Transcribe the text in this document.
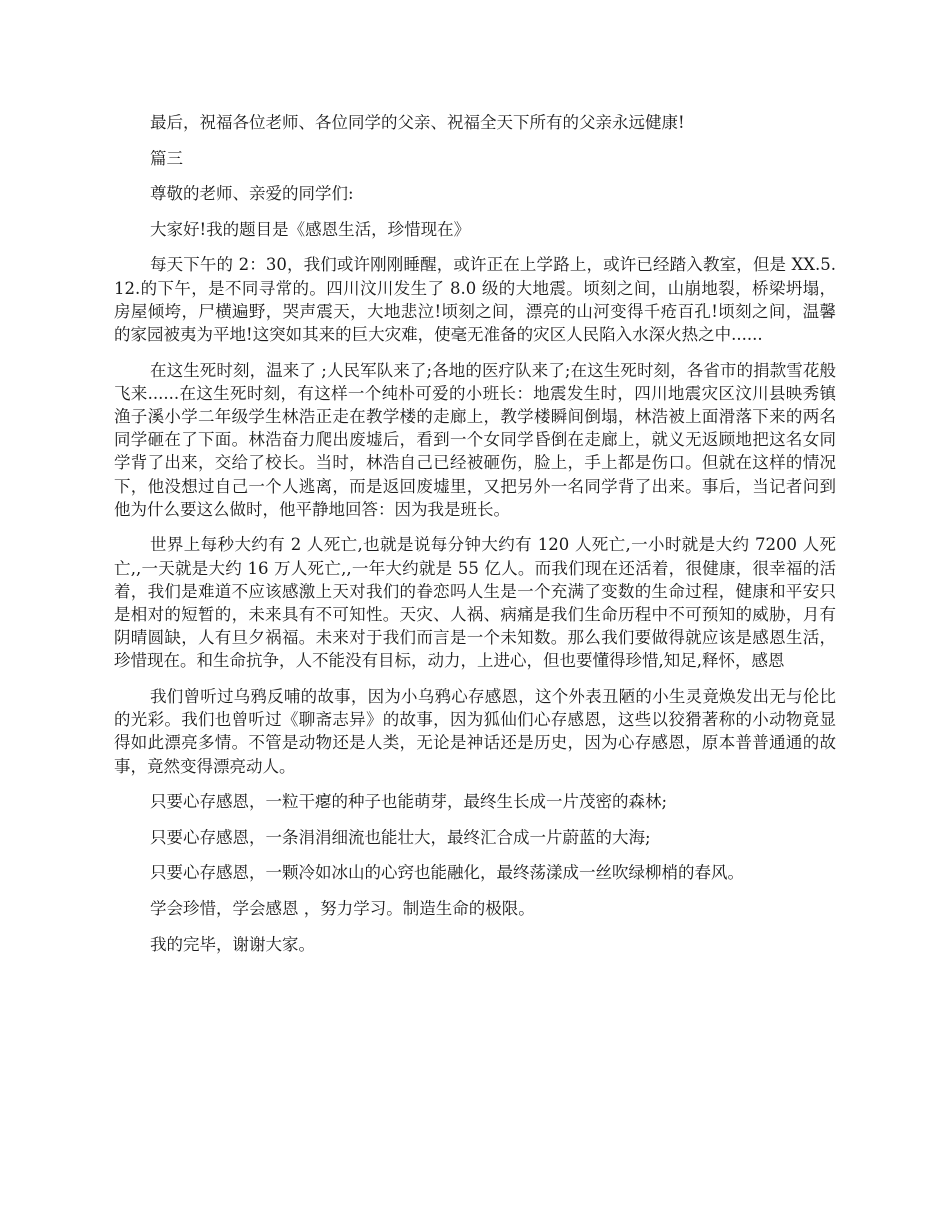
最后，祝福各位老师、各位同学的父亲、祝福全天下所有的父亲永远健康!

篇三

尊敬的老师、亲爱的同学们:

大家好!我的题目是《感恩生活，珍惜现在》

每天下午的 2：30，我们或许刚刚睡醒，或许正在上学路上，或许已经踏入教室，但是 XX.5.12.的下午，是不同寻常的。四川汶川发生了 8.0 级的大地震。顷刻之间，山崩地裂，桥梁坍塌，房屋倾垮，尸横遍野，哭声震天，大地悲泣!顷刻之间，漂亮的山河变得千疮百孔!顷刻之间，温馨的家园被夷为平地!这突如其来的巨大灾难，使毫无准备的灾区人民陷入水深火热之中......

在这生死时刻，温来了 ;人民军队来了;各地的医疗队来了;在这生死时刻，各省市的捐款雪花般飞来......在这生死时刻，有这样一个纯朴可爱的小班长：地震发生时，四川地震灾区汶川县映秀镇渔子溪小学二年级学生林浩正走在教学楼的走廊上，教学楼瞬间倒塌，林浩被上面滑落下来的两名同学砸在了下面。林浩奋力爬出废墟后，看到一个女同学昏倒在走廊上，就义无返顾地把这名女同学背了出来，交给了校长。当时，林浩自己已经被砸伤，脸上，手上都是伤口。但就在这样的情况下，他没想过自己一个人逃离，而是返回废墟里，又把另外一名同学背了出来。事后，当记者问到他为什么要这么做时，他平静地回答：因为我是班长。

世界上每秒大约有 2 人死亡,也就是说每分钟大约有 120 人死亡,一小时就是大约 7200 人死亡,,一天就是大约 16 万人死亡,,一年大约就是 55 亿人。而我们现在还活着，很健康，很幸福的活着，我们是难道不应该感激上天对我们的眷恋吗人生是一个充满了变数的生命过程，健康和平安只是相对的短暂的，未来具有不可知性。天灾、人祸、病痛是我们生命历程中不可预知的威胁，月有阴晴圆缺，人有旦夕祸福。未来对于我们而言是一个未知数。那么我们要做得就应该是感恩生活，珍惜现在。和生命抗争，人不能没有目标，动力，上进心，但也要懂得珍惜,知足,释怀，感恩

我们曾听过乌鸦反哺的故事，因为小乌鸦心存感恩，这个外表丑陋的小生灵竟焕发出无与伦比的光彩。我们也曾听过《聊斋志异》的故事，因为狐仙们心存感恩，这些以狡猾著称的小动物竟显得如此漂亮多情。不管是动物还是人类，无论是神话还是历史，因为心存感恩，原本普普通通的故事，竟然变得漂亮动人。

只要心存感恩，一粒干瘪的种子也能萌芽，最终生长成一片茂密的森林;

只要心存感恩，一条涓涓细流也能壮大，最终汇合成一片蔚蓝的大海;

只要心存感恩，一颗冷如冰山的心窍也能融化，最终荡漾成一丝吹绿柳梢的春风。

学会珍惜，学会感恩 ，努力学习。制造生命的极限。

我的完毕，谢谢大家。
